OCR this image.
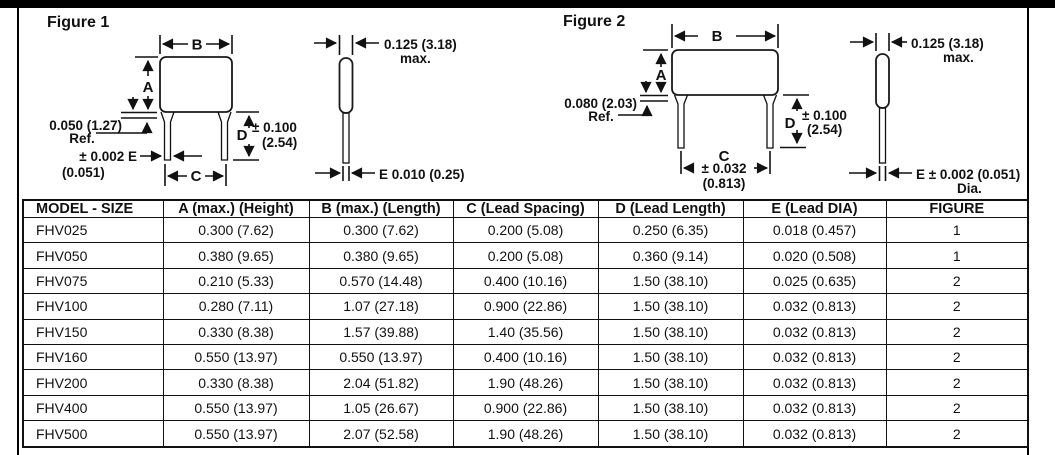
Figure 1
B
A
0.050 (1.27)
Ref.
± 0.002 E
(0.051)	C
D ± 0.100
(2.54)
0.125 (3.18)
max.
E 0.010 (0.25)
Figure 2
B
A
0.080 (2.03)
Ref.
C
± 0.032
(0.813)
D ± 0.100
(2.54)
0.125 (3.18)
max.
E ± 0.002 (0.051)
Dia.
MODEL - SIZE	A (max.) (Height)	B (max.) (Length)	C (Lead Spacing)	D (Lead Length)	E (Lead DIA)	FIGURE
FHV025	0.300 (7.62)	0.300 (7.62)	0.200 (5.08)	0.250 (6.35)	0.018 (0.457)	1
FHV050	0.380 (9.65)	0.380 (9.65)	0.200 (5.08)	0.360 (9.14)	0.020 (0.508)	1
FHV075	0.210 (5.33)	0.570 (14.48)	0.400 (10.16)	1.50 (38.10)	0.025 (0.635)	2
FHV100	0.280 (7.11)	1.07 (27.18)	0.900 (22.86)	1.50 (38.10)	0.032 (0.813)	2
FHV150	0.330 (8.38)	1.57 (39.88)	1.40 (35.56)	1.50 (38.10)	0.032 (0.813)	2
FHV160	0.550 (13.97)	0.550 (13.97)	0.400 (10.16)	1.50 (38.10)	0.032 (0.813)	2
FHV200	0.330 (8.38)	2.04 (51.82)	1.90 (48.26)	1.50 (38.10)	0.032 (0.813)	2
FHV400	0.550 (13.97)	1.05 (26.67)	0.900 (22.86)	1.50 (38.10)	0.032 (0.813)	2
FHV500	0.550 (13.97)	2.07 (52.58)	1.90 (48.26)	1.50 (38.10)	0.032 (0.813)	2
